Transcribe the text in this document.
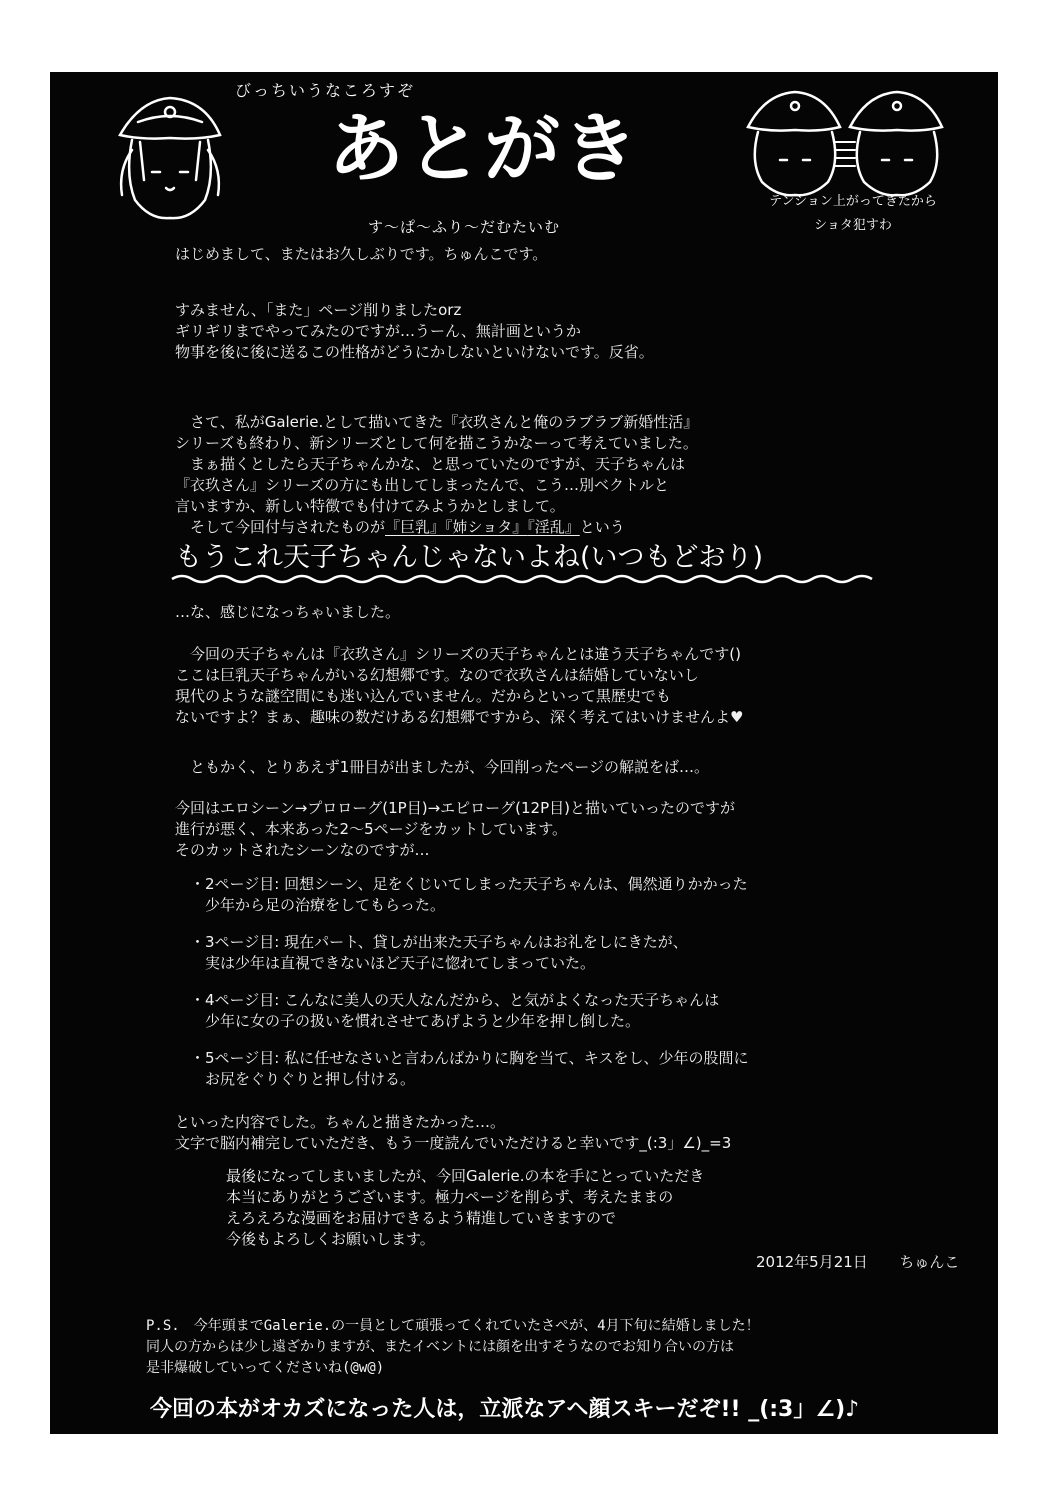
びっちいうなころすぞ
あとがき
す〜ぱ〜ふり〜だむたいむ
テンション上がってきたから
ショタ犯すわ
はじめまして、またはお久しぶりです。ちゅんこです。
すみません、「また」ページ削りましたorz
ギリギリまでやってみたのですが…うーん、無計画というか
物事を後に後に送るこの性格がどうにかしないといけないです。反省。
　さて、私がGalerie.として描いてきた『衣玖さんと俺のラブラブ新婚性活』
シリーズも終わり、新シリーズとして何を描こうかなーって考えていました。
　まぁ描くとしたら天子ちゃんかな、と思っていたのですが、天子ちゃんは
『衣玖さん』シリーズの方にも出してしまったんで、こう…別ベクトルと
言いますか、新しい特徴でも付けてみようかとしまして。
　そして今回付与されたものが『巨乳』『姉ショタ』『淫乱』という
もうこれ天子ちゃんじゃないよね(いつもどおり)
…な、感じになっちゃいました。
　今回の天子ちゃんは『衣玖さん』シリーズの天子ちゃんとは違う天子ちゃんです()
ここは巨乳天子ちゃんがいる幻想郷です。なので衣玖さんは結婚していないし
現代のような謎空間にも迷い込んでいません。だからといって黒歴史でも
ないですよ？まぁ、趣味の数だけある幻想郷ですから、深く考えてはいけませんよ♥
　ともかく、とりあえず1冊目が出ましたが、今回削ったページの解説をば…。
今回はエロシーン→プロローグ(1P目)→エピローグ(12P目)と描いていったのですが
進行が悪く、本来あった2〜5ページをカットしています。
そのカットされたシーンなのですが…
・2ページ目: 回想シーン、足をくじいてしまった天子ちゃんは、偶然通りかかった
　少年から足の治療をしてもらった。
・3ページ目: 現在パート、貸しが出来た天子ちゃんはお礼をしにきたが、
　実は少年は直視できないほど天子に惚れてしまっていた。
・4ページ目: こんなに美人の天人なんだから、と気がよくなった天子ちゃんは
　少年に女の子の扱いを慣れさせてあげようと少年を押し倒した。
・5ページ目: 私に任せなさいと言わんばかりに胸を当て、キスをし、少年の股間に
　お尻をぐりぐりと押し付ける。
といった内容でした。ちゃんと描きたかった…。
文字で脳内補完していただき、もう一度読んでいただけると幸いです_(:3」∠)_=3
最後になってしまいましたが、今回Galerie.の本を手にとっていただき
本当にありがとうございます。極力ページを削らず、考えたままの
えろえろな漫画をお届けできるよう精進していきますので
今後もよろしくお願いします。
2012年5月21日 ちゅんこ
P.S.　今年頭までGalerie.の一員として頑張ってくれていたさぺが、4月下旬に結婚しました！
同人の方からは少し遠ざかりますが、またイベントには顔を出すそうなのでお知り合いの方は
是非爆破していってくださいね(@w@)
今回の本がオカズになった人は，立派なアヘ顔スキーだぞ!! _(:3」∠)♪
